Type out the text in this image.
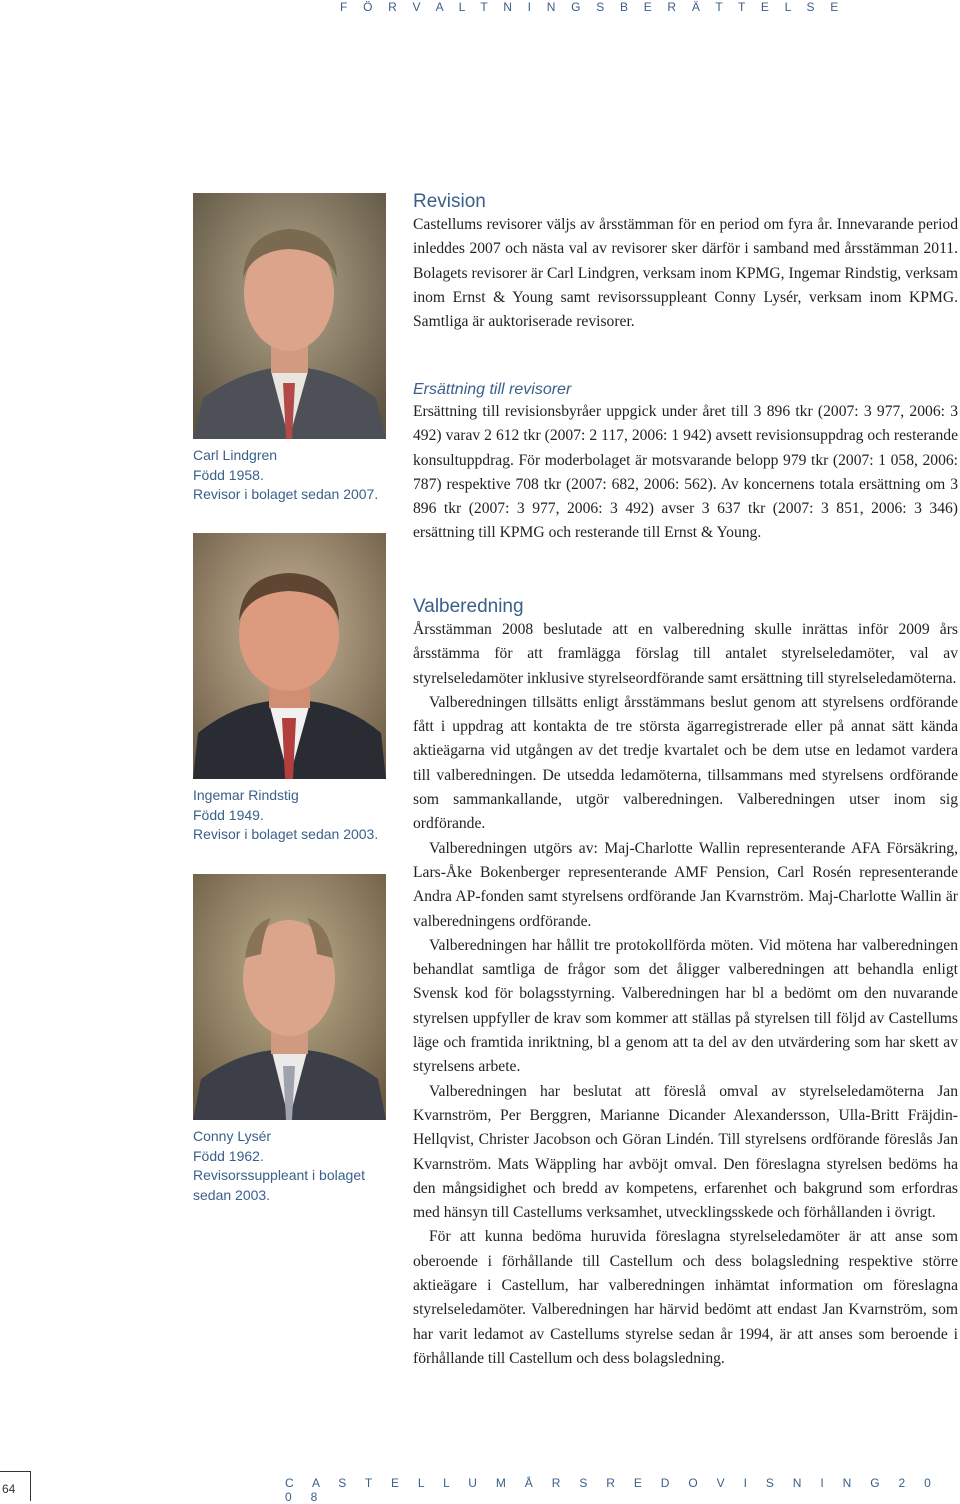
F Ö R V A L T N I N G S B E R Ä T T E L S E
Carl Lindgren
Född 1958.
Revisor i bolaget sedan 2007.
Ingemar Rindstig
Född 1949.
Revisor i bolaget sedan 2003.
Conny Lysér
Född 1962.
Revisorssuppleant i bolaget
sedan 2003.
Revision

Castellums revisorer väljs av årsstämman för en period om fyra år. Innevarande period inleddes 2007 och nästa val av revisorer sker därför i samband med årsstämman 2011. Bolagets revisorer är Carl Lindgren, verksam inom KPMG, Ingemar Rindstig, verksam inom Ernst & Young samt revisorssuppleant Conny Lysér, verksam inom KPMG. Samtliga är auktoriserade revisorer.

Ersättning till revisorer

Ersättning till revisionsbyråer uppgick under året till 3 896 tkr (2007: 3 977, 2006: 3 492) varav 2 612 tkr (2007: 2 117, 2006: 1 942) avsett revisionsuppdrag och resterande konsultuppdrag. För moderbolaget är motsvarande belopp 979 tkr (2007: 1 058, 2006: 787) respektive 708 tkr (2007: 682, 2006: 562). Av koncernens totala ersättning om 3 896 tkr (2007: 3 977, 2006: 3 492) avser 3 637 tkr (2007: 3 851, 2006: 3 346) ersättning till KPMG och resterande till Ernst & Young.

Valberedning

Årsstämman 2008 beslutade att en valberedning skulle inrättas inför 2009 års årsstämma för att framlägga förslag till antalet styrelseledamöter, val av styrelseledamöter inklusive styrelseordförande samt ersättning till styrelseledamöterna.

Valberedningen tillsätts enligt årsstämmans beslut genom att styrelsens ordförande fått i uppdrag att kontakta de tre största ägarregistrerade eller på annat sätt kända aktieägarna vid utgången av det tredje kvartalet och be dem utse en ledamot vardera till valberedningen. De utsedda ledamöterna, tillsammans med styrelsens ordförande som sammankallande, utgör valberedningen. Valberedningen utser inom sig ordförande.

Valberedningen utgörs av: Maj-Charlotte Wallin representerande AFA Försäkring, Lars-Åke Bokenberger representerande AMF Pension, Carl Rosén representerande Andra AP-fonden samt styrelsens ordförande Jan Kvarnström. Maj-Charlotte Wallin är valberedningens ordförande.

Valberedningen har hållit tre protokollförda möten. Vid mötena har valberedningen behandlat samtliga de frågor som det åligger valberedningen att behandla enligt Svensk kod för bolagsstyrning. Valberedningen har bl a bedömt om den nuvarande styrelsen uppfyller de krav som kommer att ställas på styrelsen till följd av Castellums läge och framtida inriktning, bl a genom att ta del av den utvärdering som har skett av styrelsens arbete.

Valberedningen har beslutat att föreslå omval av styrelseledamöterna Jan Kvarnström, Per Berggren, Marianne Dicander Alexandersson, Ulla-Britt Fräjdin-Hellqvist, Christer Jacobson och Göran Lindén. Till styrelsens ordförande föreslås Jan Kvarnström. Mats Wäppling har avböjt omval. Den föreslagna styrelsen bedöms ha den mångsidighet och bredd av kompetens, erfarenhet och bakgrund som erfordras med hänsyn till Castellums verksamhet, utvecklingsskede och förhållanden i övrigt.

För att kunna bedöma huruvida föreslagna styrelseledamöter är att anse som oberoende i förhållande till Castellum och dess bolagsledning respektive större aktieägare i Castellum, har valberedningen inhämtat information om föreslagna styrelseledamöter. Valberedningen har härvid bedömt att endast Jan Kvarnström, som har varit ledamot av Castellums styrelse sedan år 1994, är att anses som beroende i förhållande till Castellum och dess bolagsledning.

64	C A S T E L L U M Å R S R E D O V I S N I N G 2 0 0 8
